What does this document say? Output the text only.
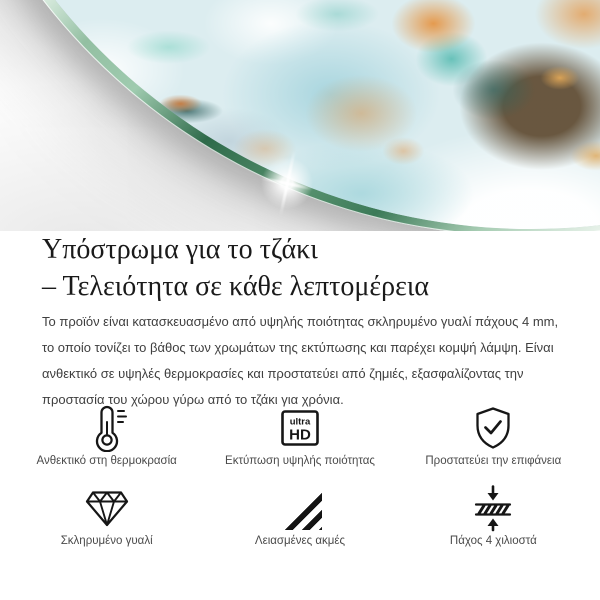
Υπόστρωμα για το τζάκι
– Τελειότητα σε κάθε λεπτομέρεια
Το προϊόν είναι κατασκευασμένο από υψηλής ποιότητας σκληρυμένο γυαλί πάχους 4 mm,
το οποίο τονίζει το βάθος των χρωμάτων της εκτύπωσης και παρέχει κομψή λάμψη. Είναι
ανθεκτικό σε υψηλές θερμοκρασίες και προστατεύει από ζημιές, εξασφαλίζοντας την
προστασία του χώρου γύρω από το τζάκι για χρόνια.
Ανθεκτικό στη θερμοκρασία
ultra
HD
Εκτύπωση υψηλής ποιότητας	Προστατεύει την επιφάνεια
Σκληρυμένο γυαλί	Λειασμένες ακμές	Πάχος 4 χιλιοστά
